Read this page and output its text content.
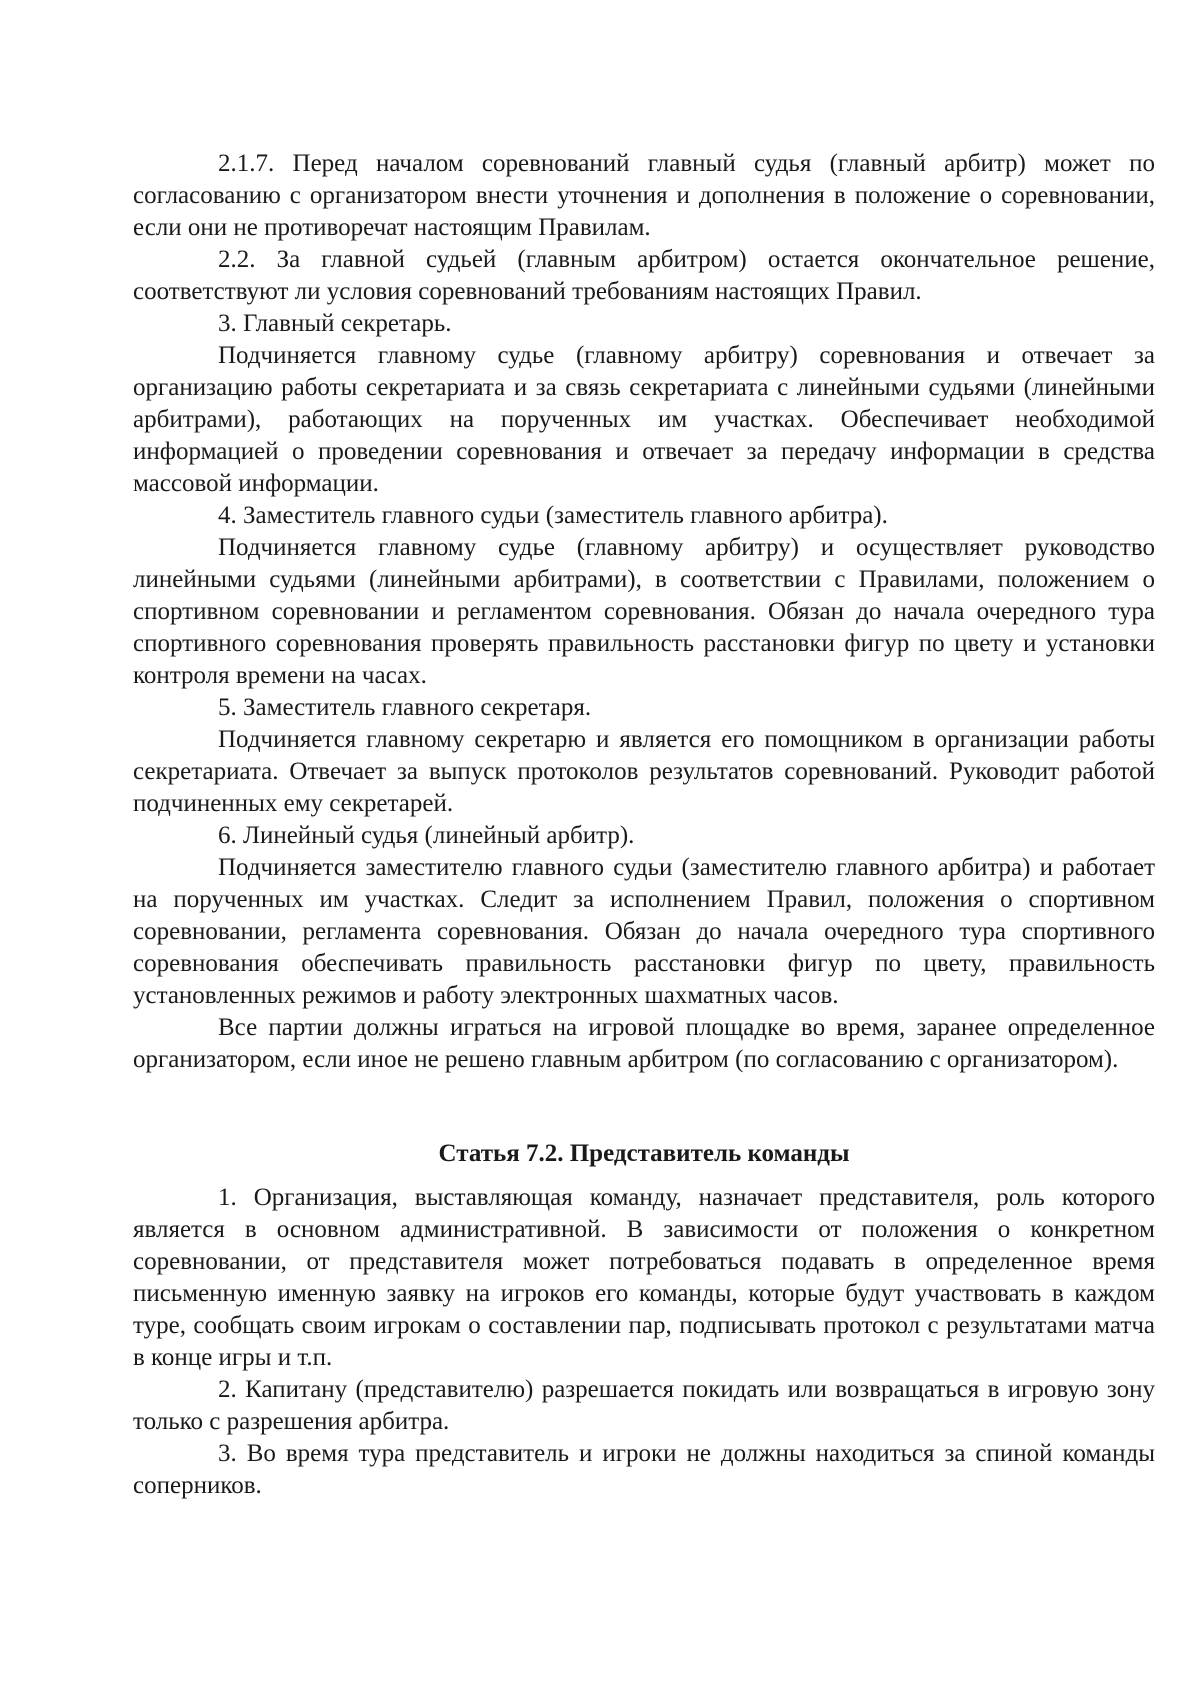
2.1.7. Перед началом соревнований главный судья (главный арбитр) может по согласованию с организатором внести уточнения и дополнения в положение о соревновании, если они не противоречат настоящим Правилам.

2.2. За главной судьей (главным арбитром) остается окончательное решение, соответствуют ли условия соревнований требованиям настоящих Правил.

3. Главный секретарь.

Подчиняется главному судье (главному арбитру) соревнования и отвечает за организацию работы секретариата и за связь секретариата с линейными судьями (линейными арбитрами), работающих на порученных им участках. Обеспечивает необходимой информацией о проведении соревнования и отвечает за передачу информации в средства массовой информации.

4. Заместитель главного судьи (заместитель главного арбитра).

Подчиняется главному судье (главному арбитру) и осуществляет руководство линейными судьями (линейными арбитрами), в соответствии с Правилами, положением о спортивном соревновании и регламентом соревнования. Обязан до начала очередного тура спортивного соревнования проверять правильность расстановки фигур по цвету и установки контроля времени на часах.

5. Заместитель главного секретаря.

Подчиняется главному секретарю и является его помощником в организации работы секретариата. Отвечает за выпуск протоколов результатов соревнований. Руководит работой подчиненных ему секретарей.

6. Линейный судья (линейный арбитр).

Подчиняется заместителю главного судьи (заместителю главного арбитра) и работает на порученных им участках. Следит за исполнением Правил, положения о спортивном соревновании, регламента соревнования. Обязан до начала очередного тура спортивного соревнования обеспечивать правильность расстановки фигур по цвету, правильность установленных режимов и работу электронных шахматных часов.

Все партии должны играться на игровой площадке во время, заранее определенное организатором, если иное не решено главным арбитром (по согласованию с организатором).

Статья 7.2. Представитель команды

1. Организация, выставляющая команду, назначает представителя, роль которого является в основном административной. В зависимости от положения о конкретном соревновании, от представителя может потребоваться подавать в определенное время письменную именную заявку на игроков его команды, которые будут участвовать в каждом туре, сообщать своим игрокам о составлении пар, подписывать протокол с результатами матча в конце игры и т.п.

2. Капитану (представителю) разрешается покидать или возвращаться в игровую зону только с разрешения арбитра.

3. Во время тура представитель и игроки не должны находиться за спиной команды соперников.
